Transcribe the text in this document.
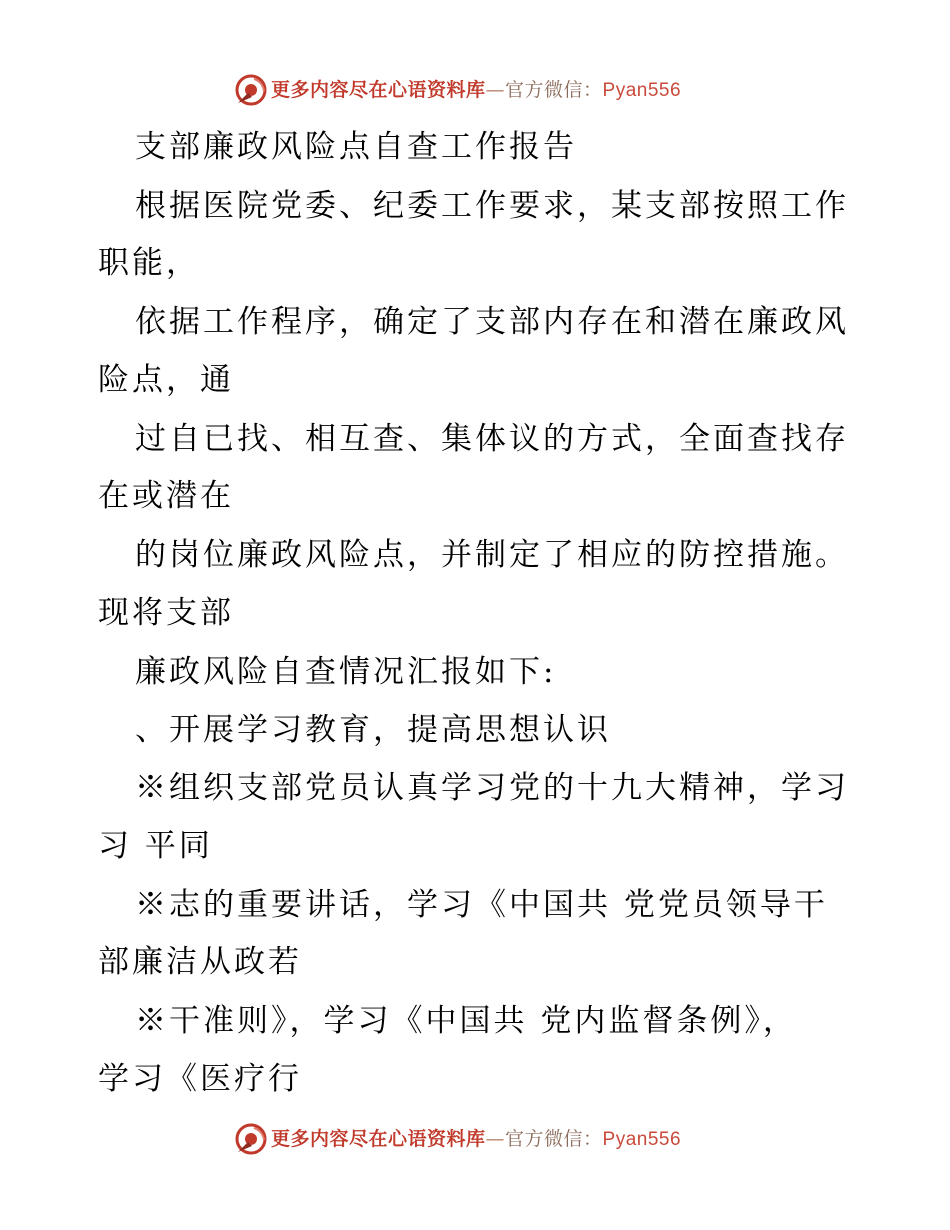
更多内容尽在心语资料库—官方微信：Pyan556
支部廉政风险点自查工作报告
根据医院党委、纪委工作要求，某支部按照工作
职能，
依据工作程序，确定了支部内存在和潜在廉政风
险点，通
过自已找、相互查、集体议的方式，全面查找存
在或潜在
的岗位廉政风险点，并制定了相应的防控措施。
现将支部
廉政风险自查情况汇报如下:
、开展学习教育，提高思想认识
※组织支部党员认真学习党的十九大精神，学习
习 平同
※志的重要讲话，学习《中国共 党党员领导干
部廉洁从政若
※干准则》，学习《中国共 党内监督条例》，
学习《医疗行
更多内容尽在心语资料库—官方微信：Pyan556
